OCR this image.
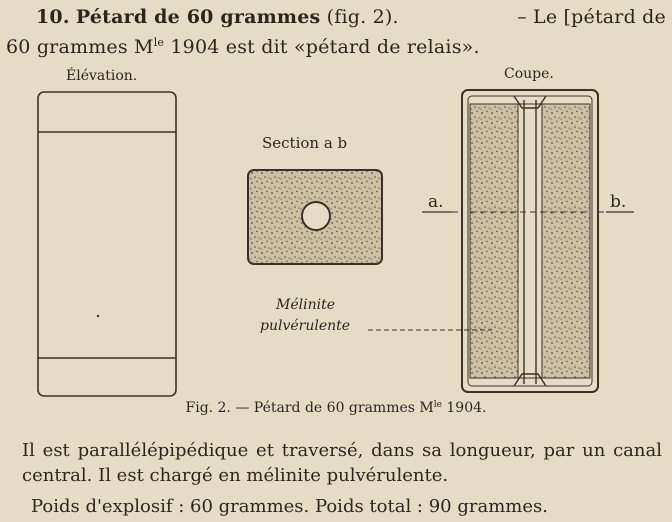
10. Pétard de 60 grammes (fig. 2).	– Le [pétard de
60 grammes $M^{le}$ 1904 est dit «pétard de relais».
Élévation.
Section a b
Coupe.
a.	b.
Mélinite
pulvérulente
Fig. 2. — Pétard de 60 grammes $M^{le}$ 1904.

Il est parallélépipédique et traversé, dans sa longueur, par un canal central. Il est chargé en mélinite pulvérulente.

Poids d'explosif : 60 grammes. Poids total : 90 grammes.
